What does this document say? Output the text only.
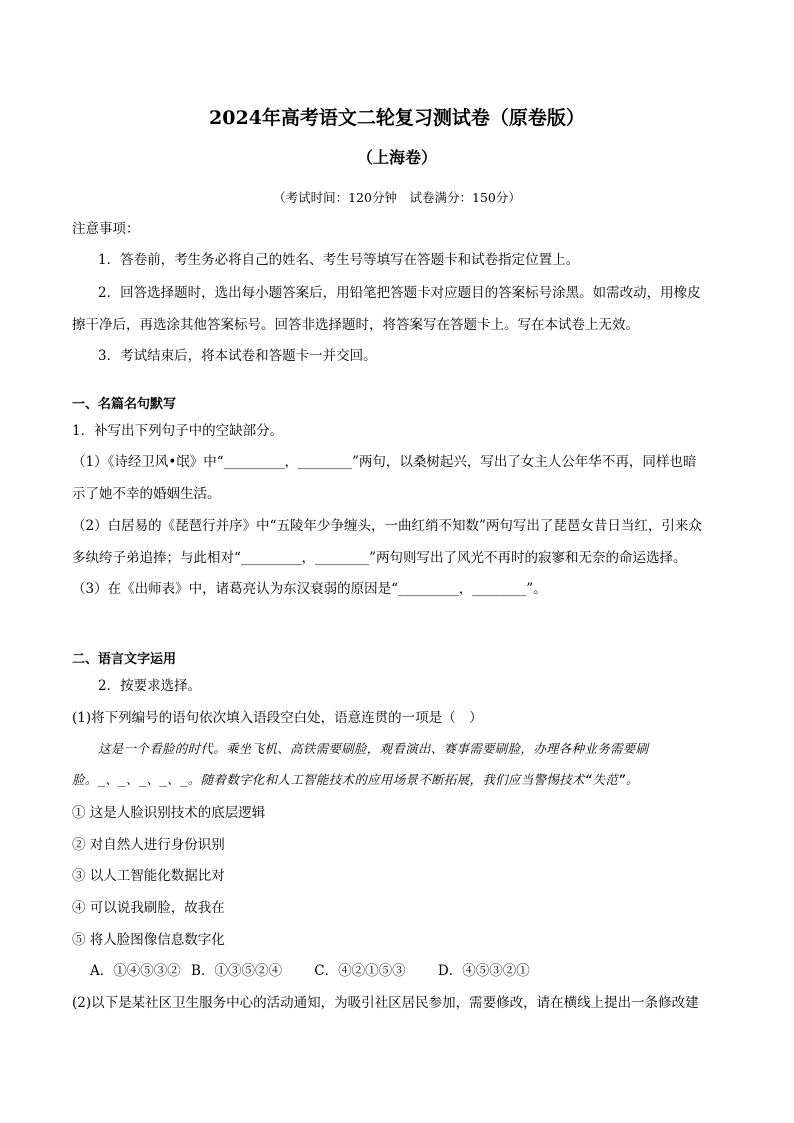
2024年高考语文二轮复习测试卷（原卷版）
（上海卷）
（考试时间：120分钟　试卷满分：150分）
注意事项：
1．答卷前，考生务必将自己的姓名、考生号等填写在答题卡和试卷指定位置上。
2．回答选择题时，选出每小题答案后，用铅笔把答题卡对应题目的答案标号涂黑。如需改动，用橡皮
擦干净后，再选涂其他答案标号。回答非选择题时，将答案写在答题卡上。写在本试卷上无效。
3．考试结束后，将本试卷和答题卡一并交回。
一、名篇名句默写
1．补写出下列句子中的空缺部分。
（1）《诗经卫风•氓》中“_________，________”两句，以桑树起兴，写出了女主人公年华不再，同样也暗
示了她不幸的婚姻生活。
（2）白居易的《琵琶行并序》中“五陵年少争缠头，一曲红绡不知数”两句写出了琵琶女昔日当红，引来众
多纨绔子弟追捧；与此相对“_________，________”两句则写出了风光不再时的寂寥和无奈的命运选择。
（3）在《出师表》中，诸葛亮认为东汉衰弱的原因是“_________，________”。
二、语言文字运用
2．按要求选择。
(1)将下列编号的语句依次填入语段空白处，语意连贯的一项是（　）
这是一个看脸的时代。乘坐飞机、高铁需要刷脸，观看演出、赛事需要刷脸，办理各种业务需要刷
脸。_、_、_、_、_。随着数字化和人工智能技术的应用场景不断拓展，我们应当警惕技术“失范”。
① 这是人脸识别技术的底层逻辑
② 对自然人进行身份识别
③ 以人工智能化数据比对
④ 可以说我刷脸，故我在
⑤ 将人脸图像信息数字化
A．①④⑤③② B．①③⑤②④ C．④②①⑤③ D．④⑤③②①
(2)以下是某社区卫生服务中心的活动通知，为吸引社区居民参加，需要修改，请在横线上提出一条修改建
